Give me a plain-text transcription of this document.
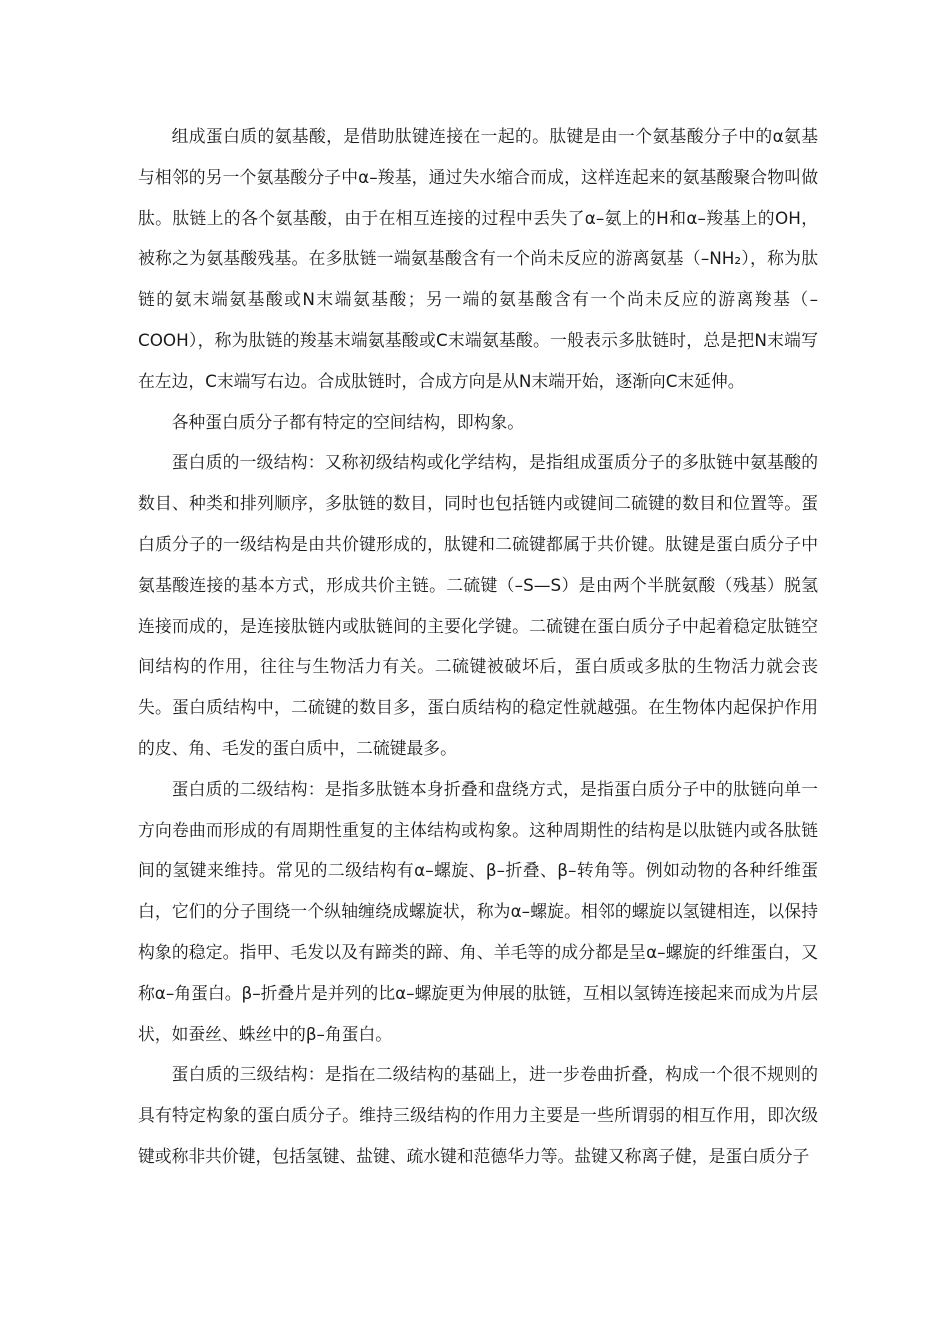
组成蛋白质的氨基酸，是借助肽键连接在一起的。肽键是由一个氨基酸分子中的α氨基与相邻的另一个氨基酸分子中α–羧基，通过失水缩合而成，这样连起来的氨基酸聚合物叫做肽。肽链上的各个氨基酸，由于在相互连接的过程中丢失了α–氨上的H和α–羧基上的OH，被称之为氨基酸残基。在多肽链一端氨基酸含有一个尚未反应的游离氨基（–NH₂），称为肽链的氨末端氨基酸或N末端氨基酸；另一端的氨基酸含有一个尚未反应的游离羧基（–COOH），称为肽链的羧基末端氨基酸或C末端氨基酸。一般表示多肽链时，总是把N末端写在左边，C末端写右边。合成肽链时，合成方向是从N末端开始，逐渐向C末延伸。

各种蛋白质分子都有特定的空间结构，即构象。

蛋白质的一级结构：又称初级结构或化学结构，是指组成蛋质分子的多肽链中氨基酸的数目、种类和排列顺序，多肽链的数目，同时也包括链内或键间二硫键的数目和位置等。蛋白质分子的一级结构是由共价键形成的，肽键和二硫键都属于共价键。肽键是蛋白质分子中氨基酸连接的基本方式，形成共价主链。二硫键（–S—S）是由两个半胱氨酸（残基）脱氢连接而成的，是连接肽链内或肽链间的主要化学键。二硫键在蛋白质分子中起着稳定肽链空间结构的作用，往往与生物活力有关。二硫键被破坏后，蛋白质或多肽的生物活力就会丧失。蛋白质结构中，二硫键的数目多，蛋白质结构的稳定性就越强。在生物体内起保护作用的皮、角、毛发的蛋白质中，二硫键最多。

蛋白质的二级结构：是指多肽链本身折叠和盘绕方式，是指蛋白质分子中的肽链向单一方向卷曲而形成的有周期性重复的主体结构或构象。这种周期性的结构是以肽链内或各肽链间的氢键来维持。常见的二级结构有α–螺旋、β–折叠、β–转角等。例如动物的各种纤维蛋白，它们的分子围绕一个纵轴缠绕成螺旋状，称为α–螺旋。相邻的螺旋以氢键相连，以保持构象的稳定。指甲、毛发以及有蹄类的蹄、角、羊毛等的成分都是呈α–螺旋的纤维蛋白，又称α–角蛋白。β–折叠片是并列的比α–螺旋更为伸展的肽链，互相以氢铸连接起来而成为片层状，如蚕丝、蛛丝中的β–角蛋白。

蛋白质的三级结构：是指在二级结构的基础上，进一步卷曲折叠，构成一个很不规则的具有特定构象的蛋白质分子。维持三级结构的作用力主要是一些所谓弱的相互作用，即次级键或称非共价键，包括氢键、盐键、疏水键和范德华力等。盐键又称离子健，是蛋白质分子
